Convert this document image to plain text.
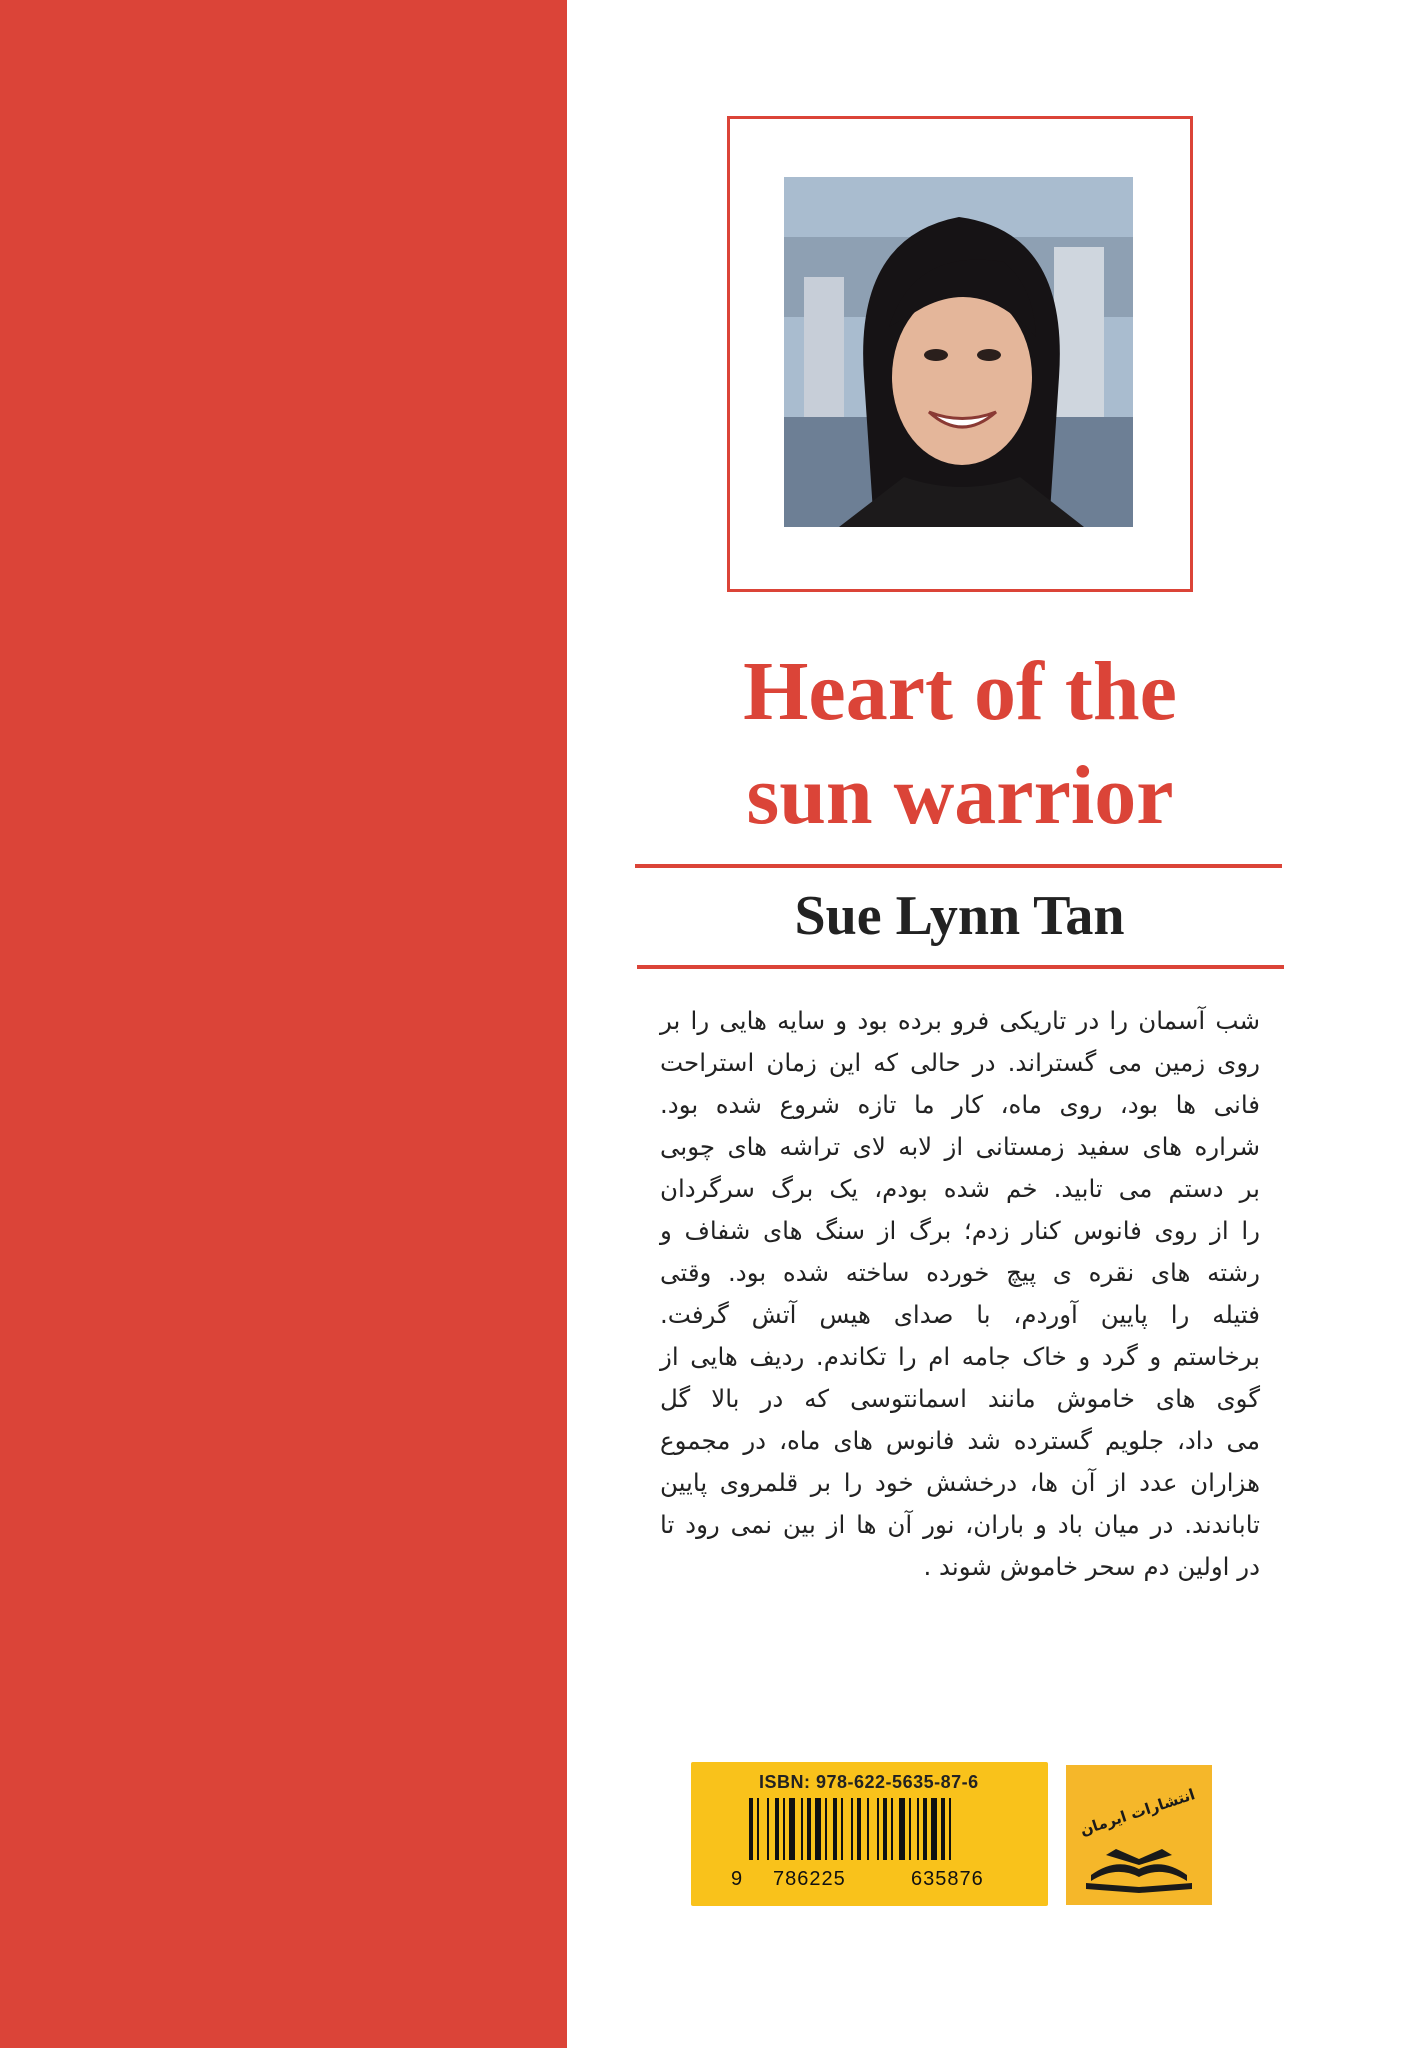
Heart of the
sun warrior
Sue Lynn Tan
شب آسمان را در تاریکی فرو برده بود و سایه هایی را بر
روی زمین می گستراند. در حالی که این زمان استراحت
فانی ها بود، روی ماه، کار ما تازه شروع شده بود.
شراره های سفید زمستانی از لابه لای تراشه های چوبی
بر دستم می تابید. خم شده بودم، یک برگ سرگردان
را از روی فانوس کنار زدم؛ برگ از سنگ های شفاف و
رشته های نقره ی پیچ خورده ساخته شده بود. وقتی
فتیله را پایین آوردم، با صدای هیس آتش گرفت.
برخاستم و گرد و خاک جامه ام را تکاندم. ردیف هایی از
گوی های خاموش مانند اسمانتوسی که در بالا گل
می داد، جلویم گسترده شد فانوس های ماه، در مجموع
هزاران عدد از آن ها، درخشش خود را بر قلمروی پایین
تاباندند. در میان باد و باران، نور آن ها از بین نمی رود تا
در اولین دم سحر خاموش شوند .
ISBN: 978-622-5635-87-6
9 786225	635876
انتشارات ایرمان
